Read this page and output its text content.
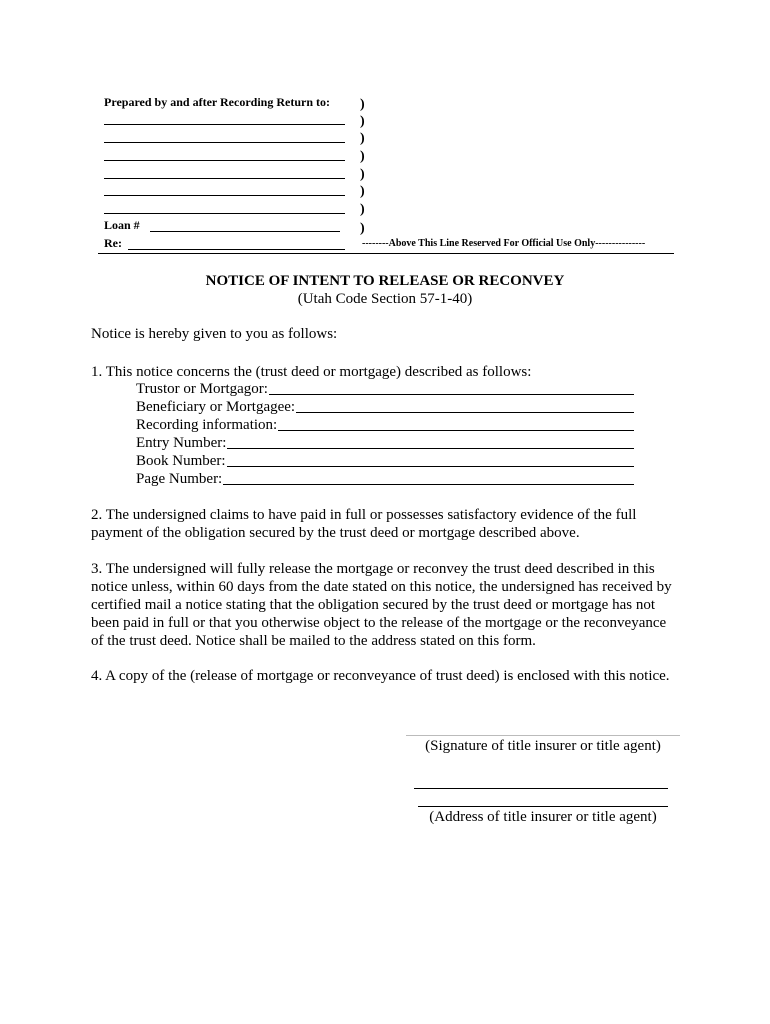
Prepared by and after Recording Return to: )
)
)
)
)
)
)
)
Loan #
Re:	--------Above This Line Reserved For Official Use Only---------------
NOTICE OF INTENT TO RELEASE OR RECONVEY
(Utah Code Section 57-1-40)
Notice is hereby given to you as follows:
1. This notice concerns the (trust deed or mortgage) described as follows:
Trustor or Mortgagor:
Beneficiary or Mortgagee:
Recording information:
Entry Number:
Book Number:
Page Number:
2. The undersigned claims to have paid in full or possesses satisfactory evidence of the full
payment of the obligation secured by the trust deed or mortgage described above.
3. The undersigned will fully release the mortgage or reconvey the trust deed described in this
notice unless, within 60 days from the date stated on this notice, the undersigned has received by
certified mail a notice stating that the obligation secured by the trust deed or mortgage has not
been paid in full or that you otherwise object to the release of the mortgage or the reconveyance
of the trust deed. Notice shall be mailed to the address stated on this form.
4. A copy of the (release of mortgage or reconveyance of trust deed) is enclosed with this notice.
(Signature of title insurer or title agent)
(Address of title insurer or title agent)
